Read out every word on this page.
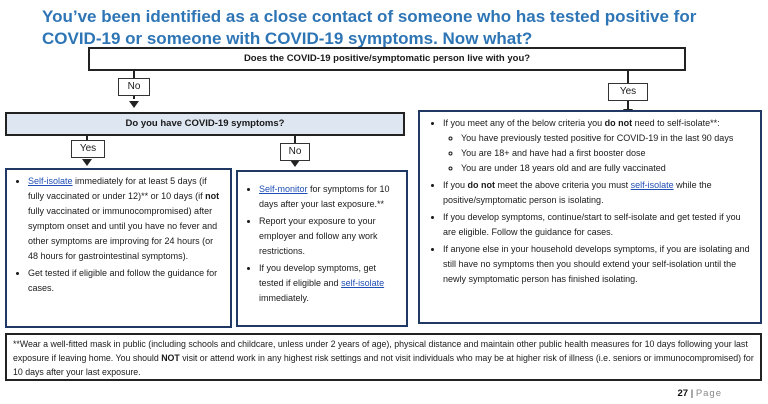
You’ve been identified as a close contact of someone who has tested positive for COVID-19 or someone with COVID-19 symptoms. Now what?
Does the COVID-19 positive/symptomatic person live with you?
No	Yes
Do you have COVID-19 symptoms?
Yes	No
• Self-isolate immediately for at least 5 days (if fully vaccinated or under 12)** or 10 days (if not fully vaccinated or immunocompromised) after symptom onset and until you have no fever and other symptoms are improving for 24 hours (or 48 hours for gastrointestinal symptoms).
• Get tested if eligible and follow the guidance for cases.
• Self-monitor for symptoms for 10 days after your last exposure.**
• Report your exposure to your employer and follow any work restrictions.
• If you develop symptoms, get tested if eligible and self-isolate immediately.
• If you meet any of the below criteria you do not need to self-isolate**:
◦ You have previously tested positive for COVID-19 in the last 90 days
◦ You are 18+ and have had a first booster dose
◦ You are under 18 years old and are fully vaccinated
• If you do not meet the above criteria you must self-isolate while the positive/symptomatic person is isolating.
• If you develop symptoms, continue/start to self-isolate and get tested if you are eligible. Follow the guidance for cases.
• If anyone else in your household develops symptoms, if you are isolating and still have no symptoms then you should extend your self-isolation until the newly symptomatic person has finished isolating.
**Wear a well-fitted mask in public (including schools and childcare, unless under 2 years of age), physical distance and maintain other public health measures for 10 days following your last exposure if leaving home. You should NOT visit or attend work in any highest risk settings and not visit individuals who may be at higher risk of illness (i.e. seniors or immunocompromised) for 10 days after your last exposure.
27 | Page
